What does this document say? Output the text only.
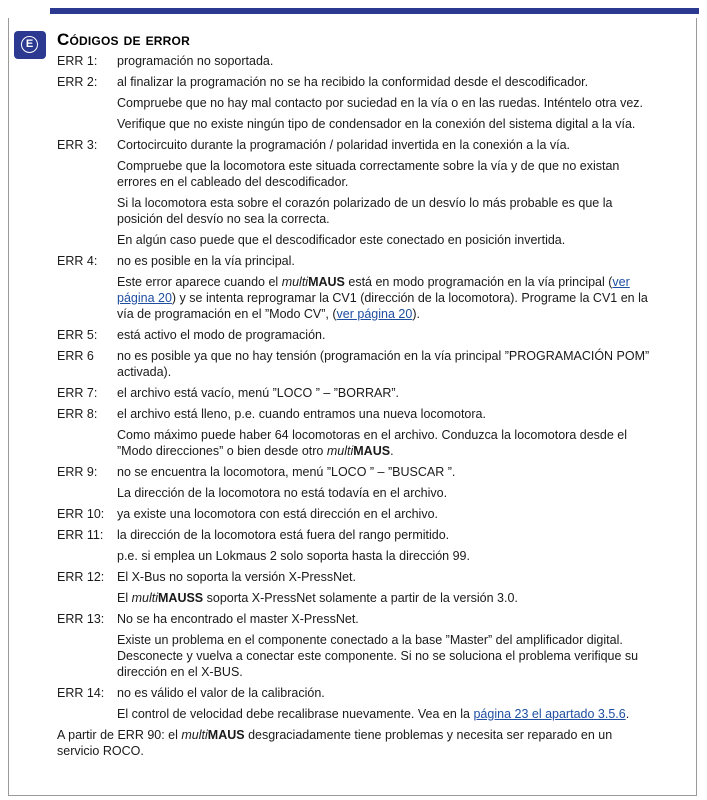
E Códigos de error
ERR 1:	programación no soportada.
ERR 2:	al finalizar la programación no se ha recibido la conformidad desde el descodificador.
Compruebe que no hay mal contacto por suciedad en la vía o en las ruedas. Inténtelo otra vez.
Verifique que no existe ningún tipo de condensador en la conexión del sistema digital a la vía.
ERR 3:	Cortocircuito durante la programación / polaridad invertida en la conexión a la vía.
Compruebe que la locomotora este situada correctamente sobre la vía y de que no existan errores en el cableado del descodificador.
Si la locomotora esta sobre el corazón polarizado de un desvío lo más probable es que la posición del desvío no sea la correcta.
En algún caso puede que el descodificador este conectado en posición invertida.
ERR 4:	no es posible en la vía principal.
Este error aparece cuando el multiMAUS está en modo programación en la vía principal (ver página 20) y se intenta reprogramar la CV1 (dirección de la locomotora). Programe la CV1 en la vía de programación en el ”Modo CV”, (ver página 20).
ERR 5:	está activo el modo de programación.
ERR 6	no es posible ya que no hay tensión (programación en la vía principal ”PROGRAMACIÓN POM” activada).
ERR 7:	el archivo está vacío, menú ”LOCO ” – ”BORRAR”.
ERR 8:	el archivo está lleno, p.e. cuando entramos una nueva locomotora.
Como máximo puede haber 64 locomotoras en el archivo. Conduzca la locomotora desde el ”Modo direcciones” o bien desde otro multiMAUS.
ERR 9:	no se encuentra la locomotora, menú ”LOCO ” – ”BUSCAR ”.
La dirección de la locomotora no está todavía en el archivo.
ERR 10:	ya existe una locomotora con está dirección en el archivo.
ERR 11:	la dirección de la locomotora está fuera del rango permitido.
p.e. si emplea un Lokmaus 2 solo soporta hasta la dirección 99.
ERR 12:	El X-Bus no soporta la versión X-PressNet.
El multiMAUSS soporta X-PressNet solamente a partir de la versión 3.0.
ERR 13:	No se ha encontrado el master X-PressNet.
Existe un problema en el componente conectado a la base ”Master” del amplificador digital. Desconecte y vuelva a conectar este componente. Si no se soluciona el problema verifique su dirección en el X-BUS.
ERR 14:	no es válido el valor de la calibración.
El control de velocidad debe recalibrase nuevamente. Vea en la página 23 el apartado 3.5.6.
A partir de ERR 90: el multiMAUS desgraciadamente tiene problemas y necesita ser reparado en un servicio ROCO.
